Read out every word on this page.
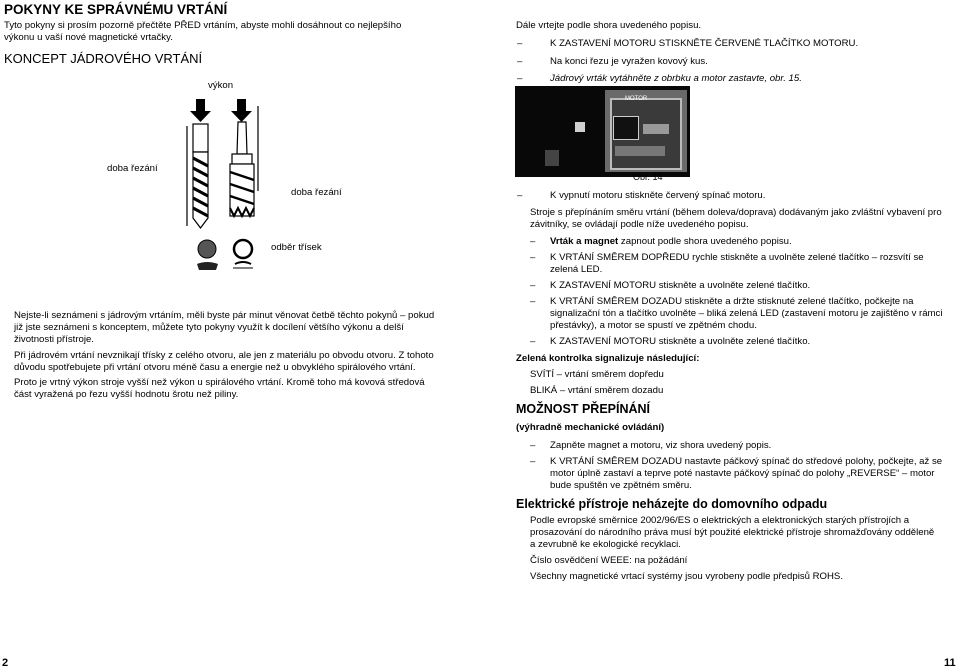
POKYNY KE SPRÁVNÉMU VRTÁNÍ
Tyto pokyny si prosím pozorně přečtěte PŘED vrtáním, abyste mohli dosáhnout co nejlepšího
výkonu u vaší nové magnetické vrtačky.
KONCEPT JÁDROVÉHO VRTÁNÍ
výkon
doba řezání
doba řezání
odběr třísek
Nejste-li seznámeni s jádrovým vrtáním, měli byste pár minut věnovat četbě těchto pokynů – pokud
již jste seznámeni s konceptem, můžete tyto pokyny využít k docílení většího výkonu a delší
životnosti přístroje.
Při jádrovém vrtání nevznikají třísky z celého otvoru, ale jen z materiálu po obvodu otvoru. Z tohoto
důvodu spotřebujete při vrtání otvoru méně času a energie než u obvyklého spirálového vrtání.
Proto je vrtný výkon stroje vyšší než výkon u spirálového vrtání. Kromě toho má kovová středová
část vyražená po řezu vyšší hodnotu šrotu než piliny.
2
Dále vrtejte podle shora uvedeného popisu.
–	K ZASTAVENÍ MOTORU STISKNĚTE ČERVENÉ TLAČÍTKO MOTORU.
–	Na konci řezu je vyražen kovový kus.
–	Jádrový vrták vytáhněte z obrbku a motor zastavte, obr. 15.
MOTOR
Obr. 14
–	K vypnutí motoru stiskněte červený spínač motoru.
Stroje s přepínáním směru vrtání (během doleva/doprava) dodávaným jako zvláštní vybavení pro
závitníky, se ovládají podle níže uvedeného popisu.
– Vrták a magnet zapnout podle shora uvedeného popisu.
– K VRTÁNÍ SMĚREM DOPŘEDU rychle stiskněte a uvolněte zelené tlačítko – rozsvítí se
zelená LED.
– K ZASTAVENÍ MOTORU stiskněte a uvolněte zelené tlačítko.
– K VRTÁNÍ SMĚREM DOZADU stiskněte a držte stisknuté zelené tlačítko, počkejte na
signalizační tón a tlačítko uvolněte – bliká zelená LED (zastavení motoru je zajištěno v rámci
přestávky), a motor se spustí ve zpětném chodu.
– K ZASTAVENÍ MOTORU stiskněte a uvolněte zelené tlačítko.
Zelená kontrolka signalizuje následující:
SVÍTÍ – vrtání směrem dopředu
BLIKÁ – vrtání směrem dozadu
MOŽNOST PŘEPÍNÁNÍ
(výhradně mechanické ovládání)
– Zapněte magnet a motoru, viz shora uvedený popis.
– K VRTÁNÍ SMĚREM DOZADU nastavte páčkový spínač do středové polohy, počkejte, až se
motor úplně zastaví a teprve poté nastavte páčkový spínač do polohy „REVERSE“ – motor
bude spuštěn ve zpětném směru.
Elektrické přístroje neházejte do domovního odpadu
Podle evropské směrnice 2002/96/ES o elektrických a elektronických starých přístrojích a
prosazování do národního práva musí být použité elektrické přístroje shromažďovány odděleně
a zevrubně ke ekologické recyklaci.
Číslo osvědčení WEEE: na požádání
Všechny magnetické vrtací systémy jsou vyrobeny podle předpisů ROHS.
11
